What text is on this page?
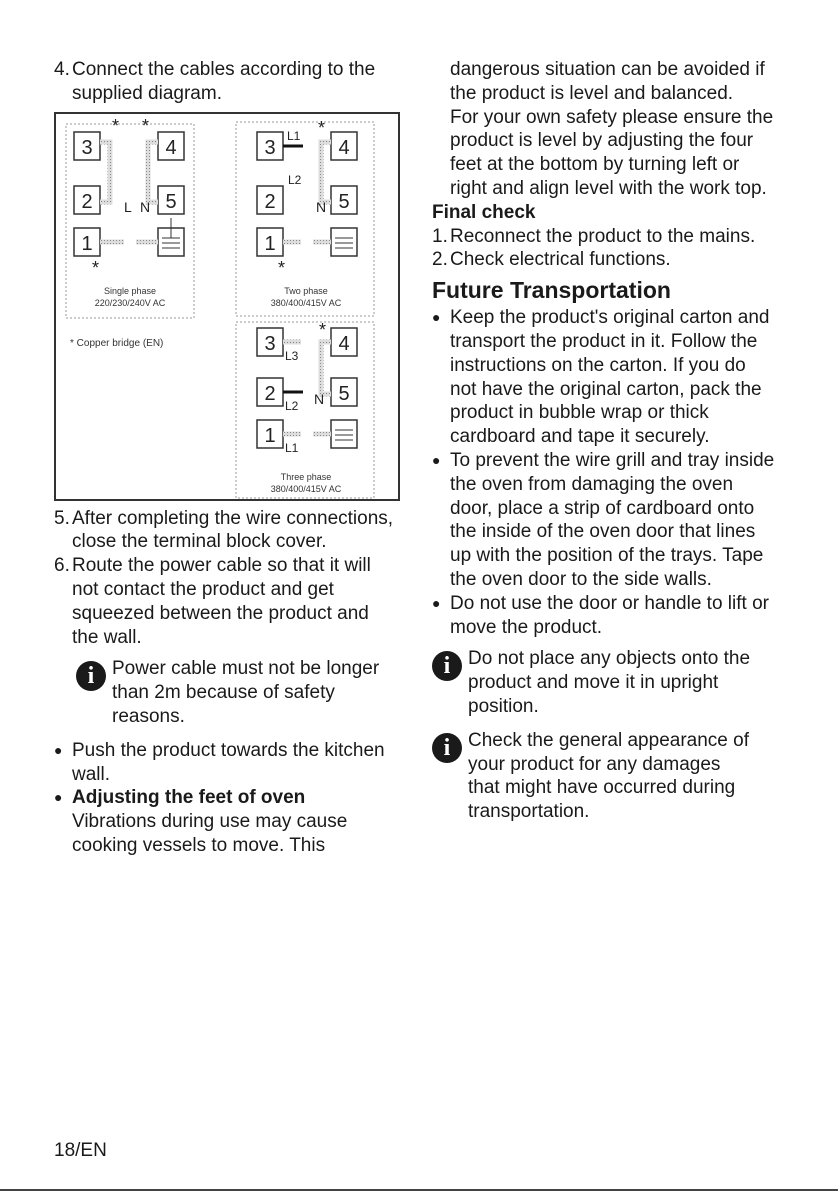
4. Connect the cables according to the
supplied diagram.
3	4
2	5
1
* *
*
L N
Single phase
220/230/240V AC
3	4
2	5
1
L1
L2
N
*
*
Two phase
380/400/415V AC
* Copper bridge (EN)	3	4
2	5
1
L3
L2 N
L1
*
Three phase
380/400/415V AC
5. After completing the wire connections,
close the terminal block cover.
6. Route the power cable so that it will
not contact the product and get
squeezed between the product and
the wall.
i Power cable must not be longer
than 2m because of safety
reasons.
● Push the product towards the kitchen
wall.
● Adjusting the feet of oven
Vibrations during use may cause
cooking vessels to move. This
dangerous situation can be avoided if
the product is level and balanced.
For your own safety please ensure the
product is level by adjusting the four
feet at the bottom by turning left or
right and align level with the work top.
Final check
1. Reconnect the product to the mains.
2. Check electrical functions.
Future Transportation
● Keep the product's original carton and
transport the product in it. Follow the
instructions on the carton. If you do
not have the original carton, pack the
product in bubble wrap or thick
cardboard and tape it securely.
● To prevent the wire grill and tray inside
the oven from damaging the oven
door, place a strip of cardboard onto
the inside of the oven door that lines
up with the position of the trays. Tape
the oven door to the side walls.
● Do not use the door or handle to lift or
move the product.
i Do not place any objects onto the
product and move it in upright
position.
i Check the general appearance of
your product for any damages
that might have occurred during
transportation.
18/EN
